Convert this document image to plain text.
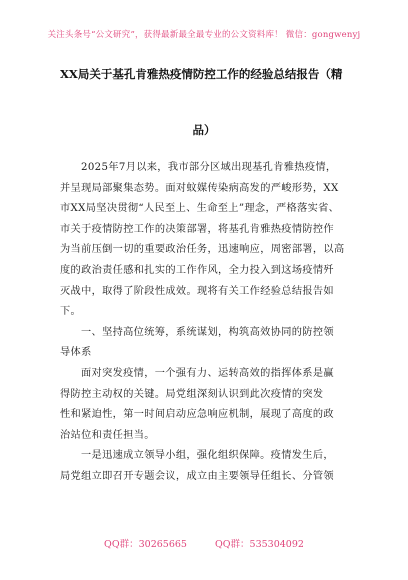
关注头条号“公文研究”，获得最新最全最专业的公文资料库！ 微信：gongwenyj
XX局关于基孔肯雅热疫情防控工作的经验总结报告（精
品）
2025年7月以来，我市部分区域出现基孔肯雅热疫情，
并呈现局部聚集态势。面对蚊媒传染病高发的严峻形势，XX
市XX局坚决贯彻“人民至上、生命至上”理念，严格落实省、
市关于疫情防控工作的决策部署，将基孔肯雅热疫情防控作
为当前压倒一切的重要政治任务，迅速响应，周密部署，以高
度的政治责任感和扎实的工作作风，全力投入到这场疫情歼
灭战中，取得了阶段性成效。现将有关工作经验总结报告如
下。
一、坚持高位统筹，系统谋划，构筑高效协同的防控领
导体系
面对突发疫情，一个强有力、运转高效的指挥体系是赢
得防控主动权的关键。局党组深刻认识到此次疫情的突发
性和紧迫性，第一时间启动应急响应机制，展现了高度的政
治站位和责任担当。
一是迅速成立领导小组，强化组织保障。疫情发生后，
局党组立即召开专题会议，成立由主要领导任组长、分管领
QQ群：30265665	QQ群：535304092
